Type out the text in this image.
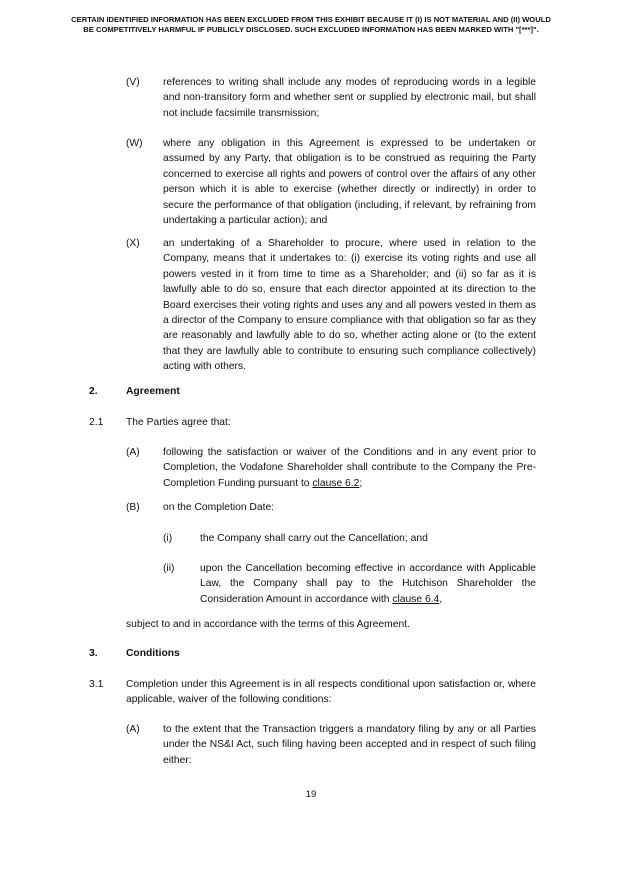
CERTAIN IDENTIFIED INFORMATION HAS BEEN EXCLUDED FROM THIS EXHIBIT BECAUSE IT (I) IS NOT MATERIAL AND (II) WOULD
BE COMPETITIVELY HARMFUL IF PUBLICLY DISCLOSED. SUCH EXCLUDED INFORMATION HAS BEEN MARKED WITH "[***]".
(V) references to writing shall include any modes of reproducing words in a legible and non-transitory form and whether sent or supplied by electronic mail, but shall not include facsimile transmission;
(W) where any obligation in this Agreement is expressed to be undertaken or assumed by any Party, that obligation is to be construed as requiring the Party concerned to exercise all rights and powers of control over the affairs of any other person which it is able to exercise (whether directly or indirectly) in order to secure the performance of that obligation (including, if relevant, by refraining from undertaking a particular action); and
(X) an undertaking of a Shareholder to procure, where used in relation to the Company, means that it undertakes to: (i) exercise its voting rights and use all powers vested in it from time to time as a Shareholder; and (ii) so far as it is lawfully able to do so, ensure that each director appointed at its direction to the Board exercises their voting rights and uses any and all powers vested in them as a director of the Company to ensure compliance with that obligation so far as they are reasonably and lawfully able to do so, whether acting alone or (to the extent that they are lawfully able to contribute to ensuring such compliance collectively) acting with others.
2.	Agreement
2.1 The Parties agree that:
(A) following the satisfaction or waiver of the Conditions and in any event prior to Completion, the Vodafone Shareholder shall contribute to the Company the Pre-Completion Funding pursuant to clause 6.2;
(B) on the Completion Date:
(i)	the Company shall carry out the Cancellation; and
(ii) upon the Cancellation becoming effective in accordance with Applicable Law, the Company shall pay to the Hutchison Shareholder the Consideration Amount in accordance with clause 6.4,
subject to and in accordance with the terms of this Agreement.
3.	Conditions
3.1 Completion under this Agreement is in all respects conditional upon satisfaction or, where applicable, waiver of the following conditions:
(A) to the extent that the Transaction triggers a mandatory filing by any or all Parties under the NS&I Act, such filing having been accepted and in respect of such filing either:
19
